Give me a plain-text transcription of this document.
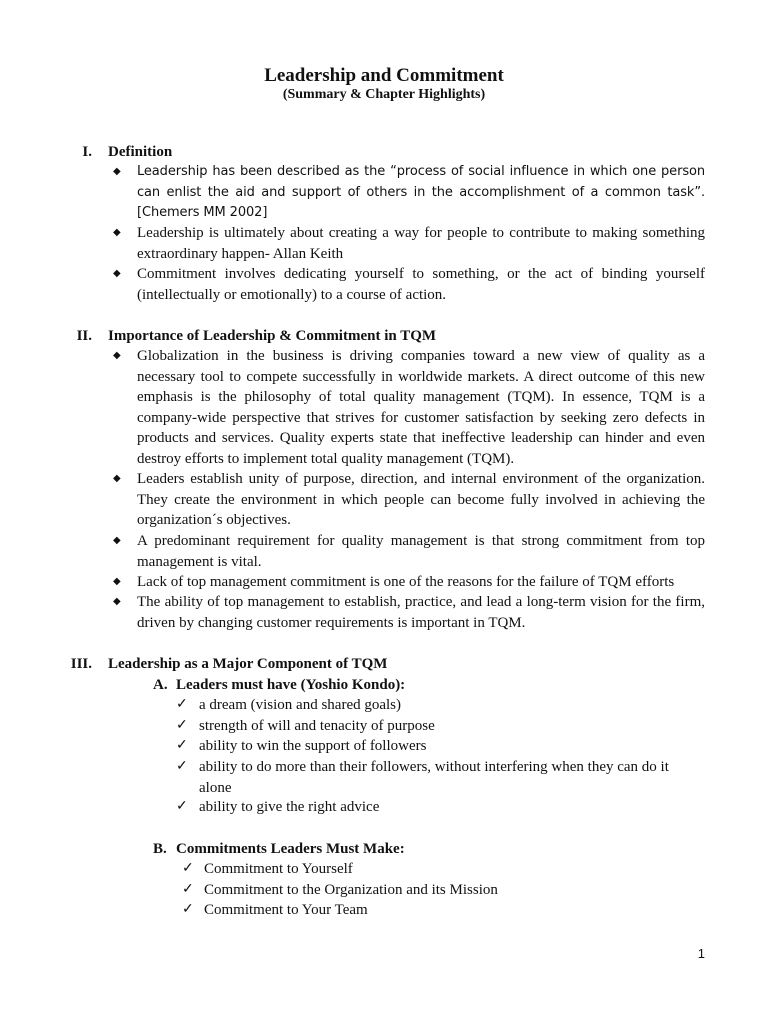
Leadership and Commitment
(Summary & Chapter Highlights)
I. Definition
◆ Leadership has been described as the “process of social influence in which one person can enlist the aid and support of others in the accomplishment of a common task”.[Chemers MM 2002]
◆ Leadership is ultimately about creating a way for people to contribute to making something extraordinary happen- Allan Keith
◆ Commitment involves dedicating yourself to something, or the act of binding yourself (intellectually or emotionally) to a course of action.
II. Importance of Leadership & Commitment in TQM
◆ Globalization in the business is driving companies toward a new view of quality as a necessary tool to compete successfully in worldwide markets. A direct outcome of this new emphasis is the philosophy of total quality management (TQM). In essence, TQM is a company-wide perspective that strives for customer satisfaction by seeking zero defects in products and services. Quality experts state that ineffective leadership can hinder and even destroy efforts to implement total quality management (TQM).
◆ Leaders establish unity of purpose, direction, and internal environment of the organization. They create the environment in which people can become fully involved in achieving the organization´s objectives.
◆ A predominant requirement for quality management is that strong commitment from top management is vital.
◆ Lack of top management commitment is one of the reasons for the failure of TQM efforts
◆ The ability of top management to establish, practice, and lead a long-term vision for the firm, driven by changing customer requirements is important in TQM.
III. Leadership as a Major Component of TQM
A. Leaders must have (Yoshio Kondo):
✓ a dream (vision and shared goals)
✓ strength of will and tenacity of purpose
✓ ability to win the support of followers
✓ ability to do more than their followers, without interfering when they can do it alone
✓ ability to give the right advice
B. Commitments Leaders Must Make:
✓ Commitment to Yourself
✓ Commitment to the Organization and its Mission
✓ Commitment to Your Team
1
